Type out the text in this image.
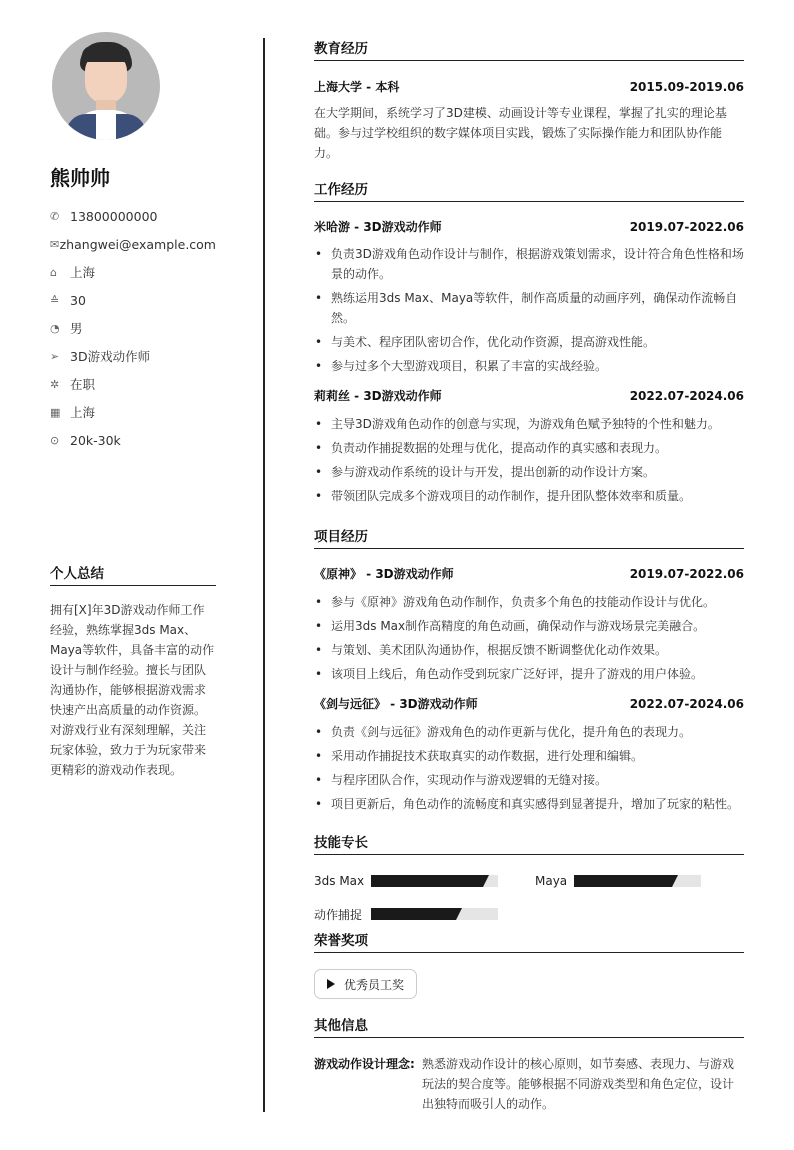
熊帅帅
✆ 13800000000
✉ zhangwei@example.com
⌂	上海
≙ 30
◔ 男
➢ 3D游戏动作师
✲ 在职
▦ 上海
⊙ 20k-30k
个人总结
拥有[X]年3D游戏动作师工作经验，熟练掌握3ds Max、Maya等软件，具备丰富的动作设计与制作经验。擅长与团队沟通协作，能够根据游戏需求快速产出高质量的动作资源。对游戏行业有深刻理解，关注玩家体验，致力于为玩家带来更精彩的游戏动作表现。
教育经历
上海大学 - 本科	2015.09-2019.06
在大学期间，系统学习了3D建模、动画设计等专业课程，掌握了扎实的理论基础。参与过学校组织的数字媒体项目实践，锻炼了实际操作能力和团队协作能力。
工作经历
米哈游 - 3D游戏动作师	2019.07-2022.06
• 负责3D游戏角色动作设计与制作，根据游戏策划需求，设计符合角色性格和场景的动作。
• 熟练运用3ds Max、Maya等软件，制作高质量的动画序列，确保动作流畅自然。
• 与美术、程序团队密切合作，优化动作资源，提高游戏性能。
• 参与过多个大型游戏项目，积累了丰富的实战经验。
莉莉丝 - 3D游戏动作师	2022.07-2024.06
• 主导3D游戏角色动作的创意与实现，为游戏角色赋予独特的个性和魅力。
• 负责动作捕捉数据的处理与优化，提高动作的真实感和表现力。
• 参与游戏动作系统的设计与开发，提出创新的动作设计方案。
• 带领团队完成多个游戏项目的动作制作，提升团队整体效率和质量。
项目经历
《原神》 - 3D游戏动作师	2019.07-2022.06
• 参与《原神》游戏角色动作制作，负责多个角色的技能动作设计与优化。
• 运用3ds Max制作高精度的角色动画，确保动作与游戏场景完美融合。
• 与策划、美术团队沟通协作，根据反馈不断调整优化动作效果。
• 该项目上线后，角色动作受到玩家广泛好评，提升了游戏的用户体验。
《剑与远征》 - 3D游戏动作师	2022.07-2024.06
• 负责《剑与远征》游戏角色的动作更新与优化，提升角色的表现力。
• 采用动作捕捉技术获取真实的动作数据，进行处理和编辑。
• 与程序团队合作，实现动作与游戏逻辑的无缝对接。
• 项目更新后，角色动作的流畅度和真实感得到显著提升，增加了玩家的粘性。
技能专长
3ds Max	Maya
动作捕捉
荣誉奖项
优秀员工奖
其他信息
游戏动作设计理念: 熟悉游戏动作设计的核心原则，如节奏感、表现力、与游戏玩法的契合度等。能够根据不同游戏类型和角色定位，设计出独特而吸引人的动作。
